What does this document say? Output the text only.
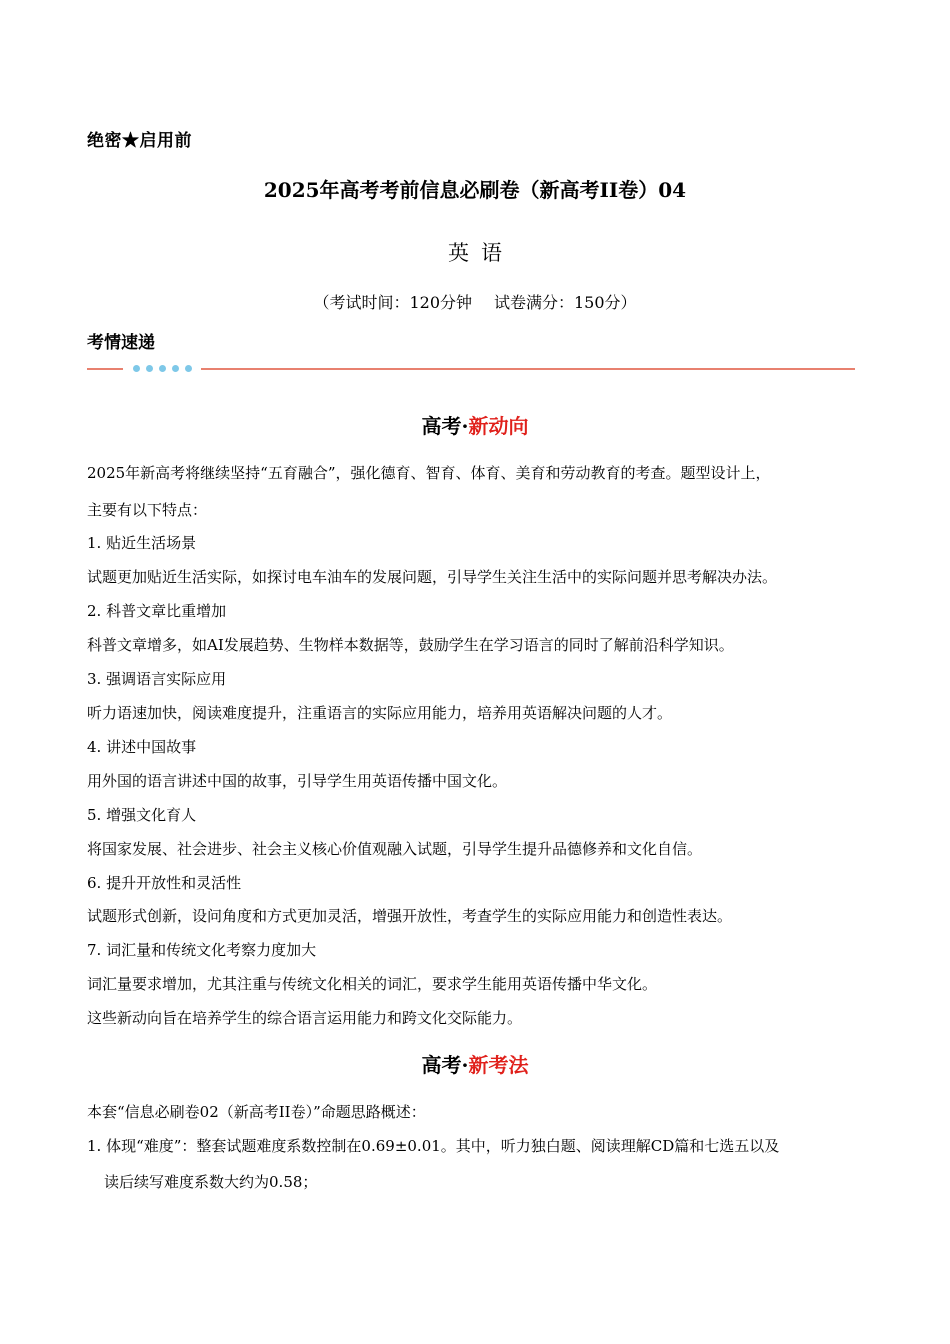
绝密★启用前
2025年高考考前信息必刷卷（新高考II卷）04
英语
（考试时间：120分钟 试卷满分：150分）
考情速递
高考·新动向
2025年新高考将继续坚持“五育融合”，强化德育、智育、体育、美育和劳动教育的考查。题型设计上，
主要有以下特点：
1. 贴近生活场景
试题更加贴近生活实际，如探讨电车油车的发展问题，引导学生关注生活中的实际问题并思考解决办法。
2. 科普文章比重增加
科普文章增多，如AI发展趋势、生物样本数据等，鼓励学生在学习语言的同时了解前沿科学知识。
3. 强调语言实际应用
听力语速加快，阅读难度提升，注重语言的实际应用能力，培养用英语解决问题的人才。
4. 讲述中国故事
用外国的语言讲述中国的故事，引导学生用英语传播中国文化。
5. 增强文化育人
将国家发展、社会进步、社会主义核心价值观融入试题，引导学生提升品德修养和文化自信。
6. 提升开放性和灵活性
试题形式创新，设问角度和方式更加灵活，增强开放性，考查学生的实际应用能力和创造性表达。
7. 词汇量和传统文化考察力度加大
词汇量要求增加，尤其注重与传统文化相关的词汇，要求学生能用英语传播中华文化。
这些新动向旨在培养学生的综合语言运用能力和跨文化交际能力。
高考·新考法
本套“信息必刷卷02（新高考II卷）”命题思路概述：
1. 体现“难度”：整套试题难度系数控制在0.69±0.01。其中，听力独白题、阅读理解CD篇和七选五以及
读后续写难度系数大约为0.58；
